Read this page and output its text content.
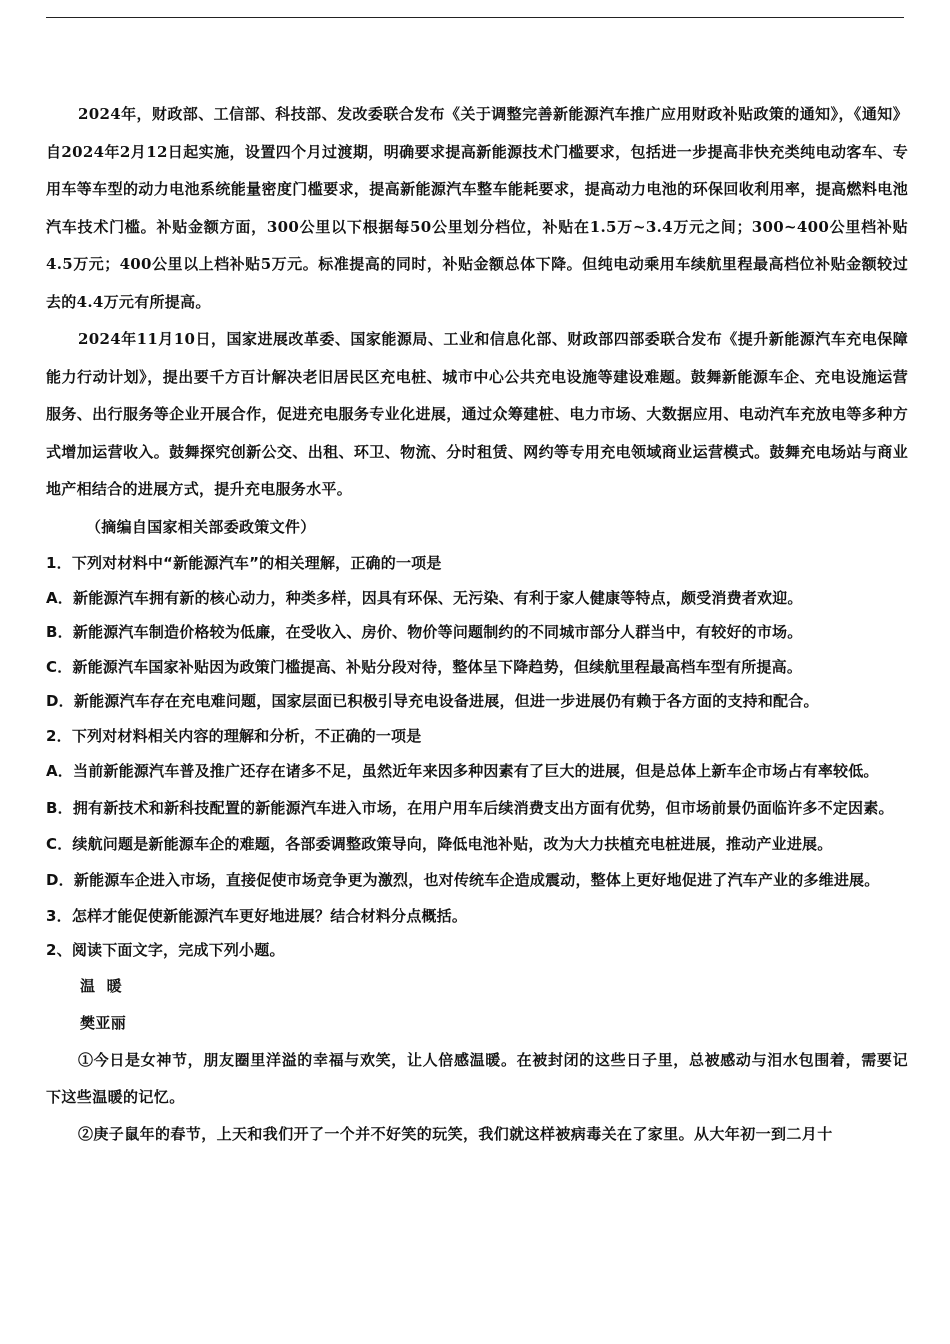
2024年，财政部、工信部、科技部、发改委联合发布《关于调整完善新能源汽车推广应用财政补贴政策的通知》，《通知》自2024年2月12日起实施，设置四个月过渡期，明确要求提高新能源技术门槛要求，包括进一步提高非快充类纯电动客车、专用车等车型的动力电池系统能量密度门槛要求，提高新能源汽车整车能耗要求，提高动力电池的环保回收利用率，提高燃料电池汽车技术门槛。补贴金额方面，300公里以下根据每50公里划分档位，补贴在1.5万~3.4万元之间；300~400公里档补贴4.5万元；400公里以上档补贴5万元。标准提高的同时，补贴金额总体下降。但纯电动乘用车续航里程最高档位补贴金额较过去的4.4万元有所提高。

2024年11月10日，国家进展改革委、国家能源局、工业和信息化部、财政部四部委联合发布《提升新能源汽车充电保障能力行动计划》，提出要千方百计解决老旧居民区充电桩、城市中心公共充电设施等建设难题。鼓舞新能源车企、充电设施运营服务、出行服务等企业开展合作，促进充电服务专业化进展，通过众筹建桩、电力市场、大数据应用、电动汽车充放电等多种方式增加运营收入。鼓舞探究创新公交、出租、环卫、物流、分时租赁、网约等专用充电领域商业运营模式。鼓舞充电场站与商业地产相结合的进展方式，提升充电服务水平。

（摘编自国家相关部委政策文件）

1．下列对材料中“新能源汽车”的相关理解，正确的一项是

A．新能源汽车拥有新的核心动力，种类多样，因具有环保、无污染、有利于家人健康等特点，颇受消费者欢迎。

B．新能源汽车制造价格较为低廉，在受收入、房价、物价等问题制约的不同城市部分人群当中，有较好的市场。

C．新能源汽车国家补贴因为政策门槛提高、补贴分段对待，整体呈下降趋势，但续航里程最高档车型有所提高。

D．新能源汽车存在充电难问题，国家层面已积极引导充电设备进展，但进一步进展仍有赖于各方面的支持和配合。

2．下列对材料相关内容的理解和分析，不正确的一项是

A．当前新能源汽车普及推广还存在诸多不足，虽然近年来因多种因素有了巨大的进展，但是总体上新车企市场占有率较低。

B．拥有新技术和新科技配置的新能源汽车进入市场，在用户用车后续消费支出方面有优势，但市场前景仍面临许多不定因素。

C．续航问题是新能源车企的难题，各部委调整政策导向，降低电池补贴，改为大力扶植充电桩进展，推动产业进展。

D．新能源车企进入市场，直接促使市场竞争更为激烈，也对传统车企造成震动，整体上更好地促进了汽车产业的多维进展。

3．怎样才能促使新能源汽车更好地进展？结合材料分点概括。

2、阅读下面文字，完成下列小题。

温  暖

樊亚丽

①今日是女神节，朋友圈里洋溢的幸福与欢笑，让人倍感温暖。在被封闭的这些日子里，总被感动与泪水包围着，需要记下这些温暖的记忆。

②庚子鼠年的春节，上天和我们开了一个并不好笑的玩笑，我们就这样被病毒关在了家里。从大年初一到二月十
